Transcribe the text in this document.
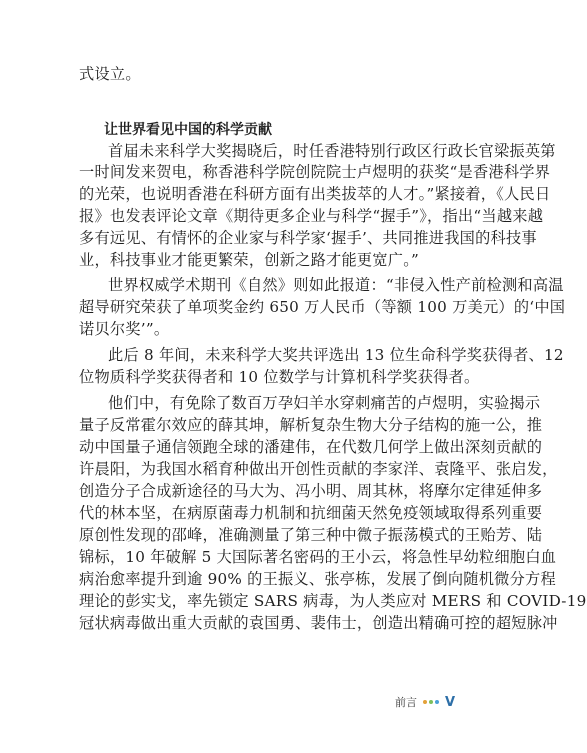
式设立。
让世界看见中国的科学贡献
首届未来科学大奖揭晓后，时任香港特别行政区行政长官梁振英第
一时间发来贺电，称香港科学院创院院士卢煜明的获奖“是香港科学界
的光荣，也说明香港在科研方面有出类拔萃的人才。”紧接着，《人民日
报》也发表评论文章《期待更多企业与科学“握手”》，指出“当越来越
多有远见、有情怀的企业家与科学家‘握手’、共同推进我国的科技事
业，科技事业才能更繁荣，创新之路才能更宽广。”
世界权威学术期刊《自然》则如此报道：“非侵入性产前检测和高温
超导研究荣获了单项奖金约 650 万人民币（等额 100 万美元）的‘中国
诺贝尔奖’”。
此后 8 年间，未来科学大奖共评选出 13 位生命科学奖获得者、12
位物质科学奖获得者和 10 位数学与计算机科学奖获得者。
他们中，有免除了数百万孕妇羊水穿刺痛苦的卢煜明，实验揭示
量子反常霍尔效应的薛其坤，解析复杂生物大分子结构的施一公，推
动中国量子通信领跑全球的潘建伟，在代数几何学上做出深刻贡献的
许晨阳，为我国水稻育种做出开创性贡献的李家洋、袁隆平、张启发，
创造分子合成新途径的马大为、冯小明、周其林，将摩尔定律延伸多
代的林本坚，在病原菌毒力机制和抗细菌天然免疫领域取得系列重要
原创性发现的邵峰，准确测量了第三种中微子振荡模式的王贻芳、陆
锦标，10 年破解 5 大国际著名密码的王小云，将急性早幼粒细胞白血
病治愈率提升到逾 90% 的王振义、张亭栋，发展了倒向随机微分方程
理论的彭实戈，率先锁定 SARS 病毒，为人类应对 MERS 和 COVID-19
冠状病毒做出重大贡献的袁国勇、裴伟士，创造出精确可控的超短脉冲
前言 V
